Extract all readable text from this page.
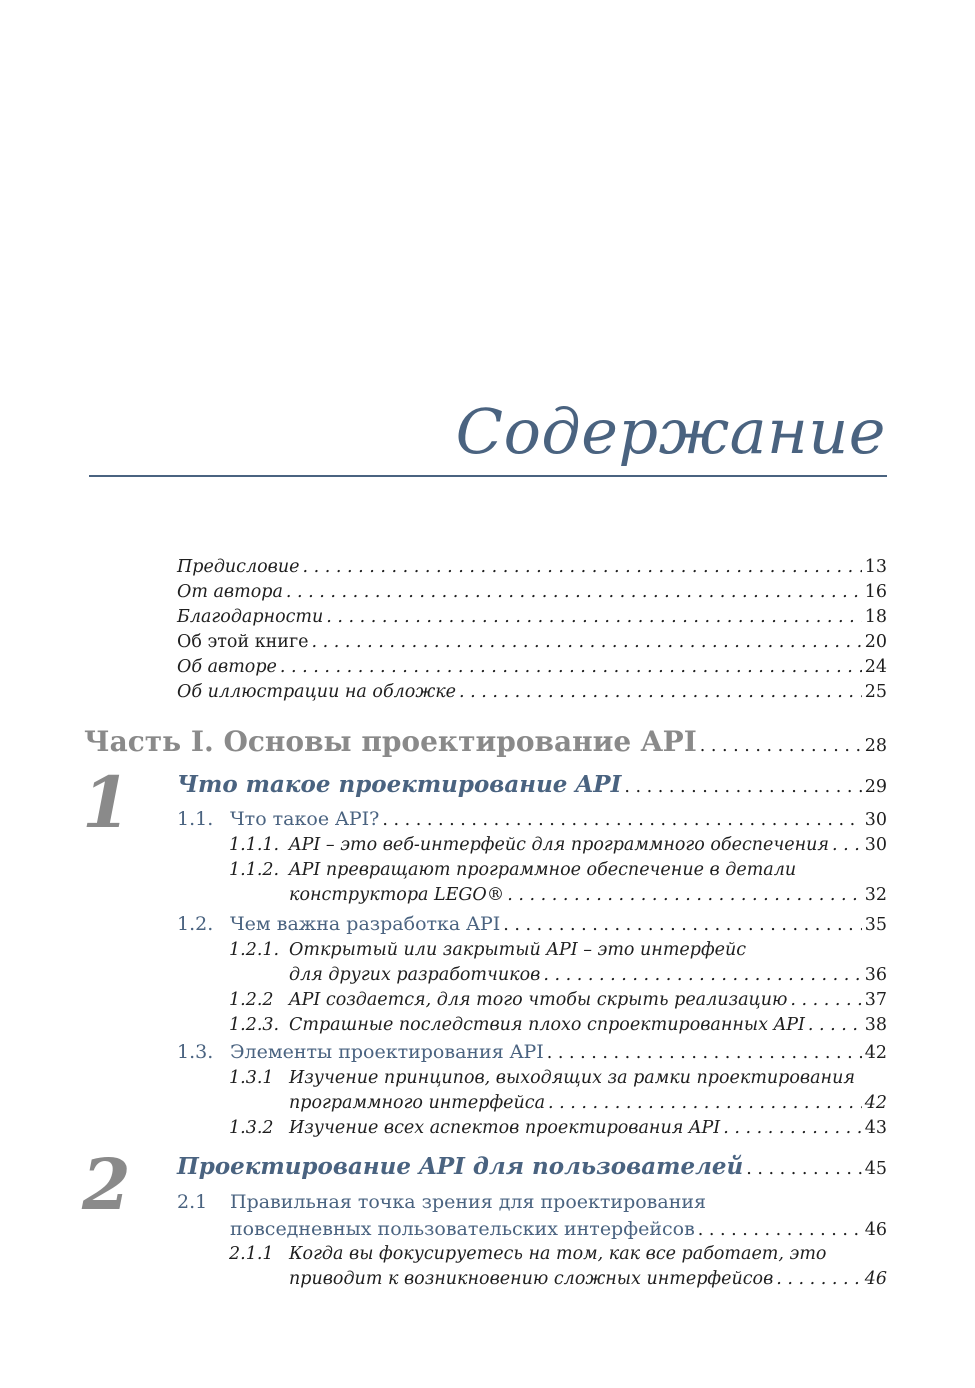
Содержание
Предисловие . . .	13
От автора . . .	16
Благодарности . . .	18
Об этой книге . . .	20
Об авторе . . .	24
Об иллюстрации на обложке . . .	25
Часть I. Основы проектирование API . . .	28
1 Что такое проектирование API . . .	29
1.1. Что такое API? . . .	30
1.1.1. API – это веб-интерфейс для программного обеспечения . . . 30
1.1.2. API превращают программное обеспечение в детали
конструктора LEGO® . . .	32
1.2. Чем важна разработка API . . .	35
1.2.1. Открытый или закрытый API – это интерфейс
для других разработчиков . . .	36
1.2.2 API создается, для того чтобы скрыть реализацию . . .	37
1.2.3. Страшные последствия плохо спроектированных API . . .	38
1.3. Элементы проектирования API . . .	42
1.3.1 Изучение принципов, выходящих за рамки проектирования
программного интерфейса . . .	42
1.3.2 Изучение всех аспектов проектирования API . . .	43
2 Проектирование API для пользователей . . .	45
2.1	Правильная точка зрения для проектирования
повседневных пользовательских интерфейсов . . .	46
2.1.1 Когда вы фокусируетесь на том, как все работает, это
приводит к возникновению сложных интерфейсов . . .	46
